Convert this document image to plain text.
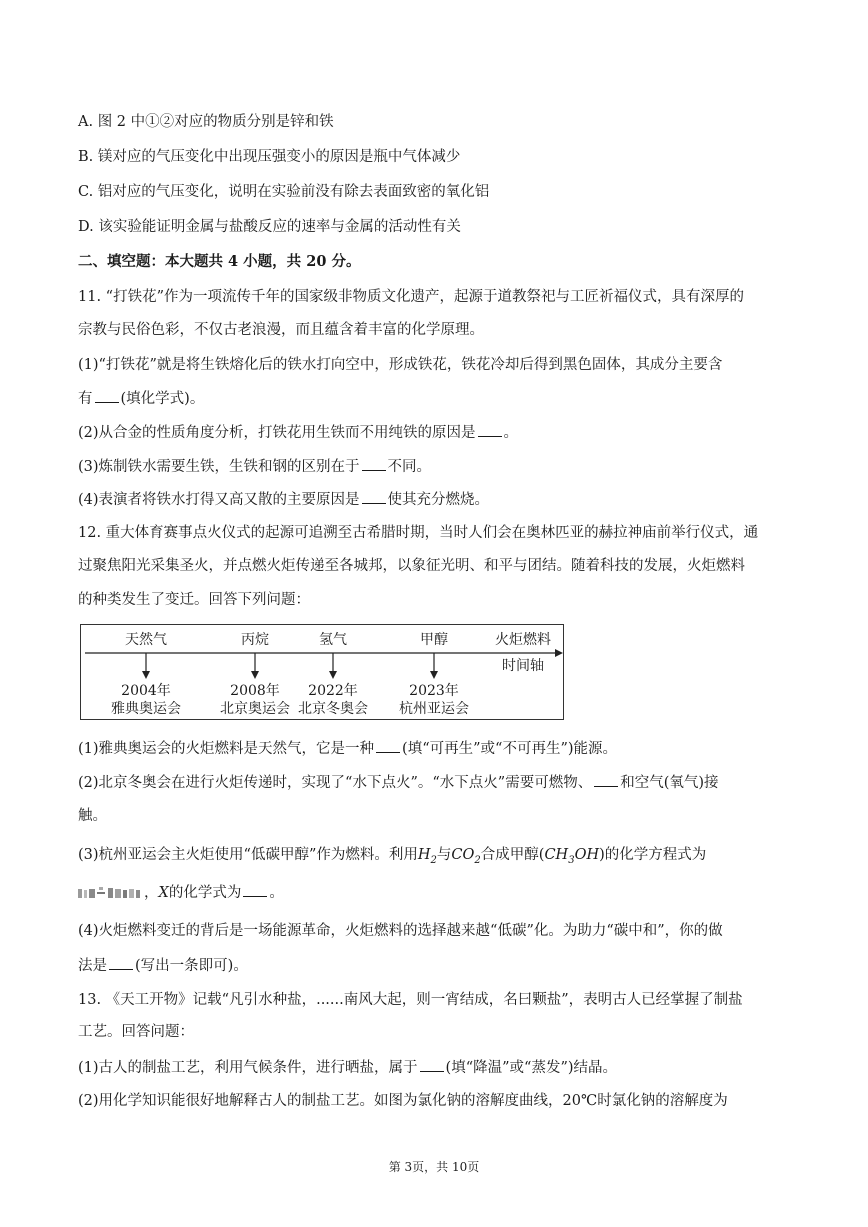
A. 图 2 中①②对应的物质分别是锌和铁
B. 镁对应的气压变化中出现压强变小的原因是瓶中气体减少
C. 铝对应的气压变化，说明在实验前没有除去表面致密的氧化铝
D. 该实验能证明金属与盐酸反应的速率与金属的活动性有关
二、填空题：本大题共 4 小题，共 20 分。
11. “打铁花”作为一项流传千年的国家级非物质文化遗产，起源于道教祭祀与工匠祈福仪式，具有深厚的
宗教与民俗色彩，不仅古老浪漫，而且蕴含着丰富的化学原理。
(1)“打铁花”就是将生铁熔化后的铁水打向空中，形成铁花，铁花冷却后得到黑色固体，其成分主要含
有 (填化学式)。
(2)从合金的性质角度分析，打铁花用生铁而不用纯铁的原因是 。
(3)炼制铁水需要生铁，生铁和钢的区别在于 不同。
(4)表演者将铁水打得又高又散的主要原因是 使其充分燃烧。
12. 重大体育赛事点火仪式的起源可追溯至古希腊时期，当时人们会在奥林匹亚的赫拉神庙前举行仪式，通
过聚焦阳光采集圣火，并点燃火炬传递至各城邦，以象征光明、和平与团结。随着科技的发展，火炬燃料
的种类发生了变迁。回答下列问题：
天然气	丙烷	氢气	甲醇	火炬燃料
时间轴
2004年	2008年	2022年	2023年
雅典奥运会	北京奥运会 北京冬奥会	杭州亚运会
(1)雅典奥运会的火炬燃料是天然气，它是一种 (填“可再生”或“不可再生”)能源。
(2)北京冬奥会在进行火炬传递时，实现了“水下点火”。“水下点火”需要可燃物、 和空气(氧气)接
触。
(3)杭州亚运会主火炬使用“低碳甲醇”作为燃料。利用$H_2$与$CO_2$合成甲醇$(CH_3OH)$的化学方程式为
，X的化学式为 。
(4)火炬燃料变迁的背后是一场能源革命，火炬燃料的选择越来越“低碳”化。为助力“碳中和”，你的做
法是 (写出一条即可)。
13. 《天工开物》记载“凡引水种盐，......南风大起，则一宵结成，名曰颗盐”，表明古人已经掌握了制盐
工艺。回答问题：
(1)古人的制盐工艺，利用气候条件，进行晒盐，属于 (填“降温”或“蒸发”)结晶。
(2)用化学知识能很好地解释古人的制盐工艺。如图为氯化钠的溶解度曲线，20℃时氯化钠的溶解度为
第 3页，共 10页
